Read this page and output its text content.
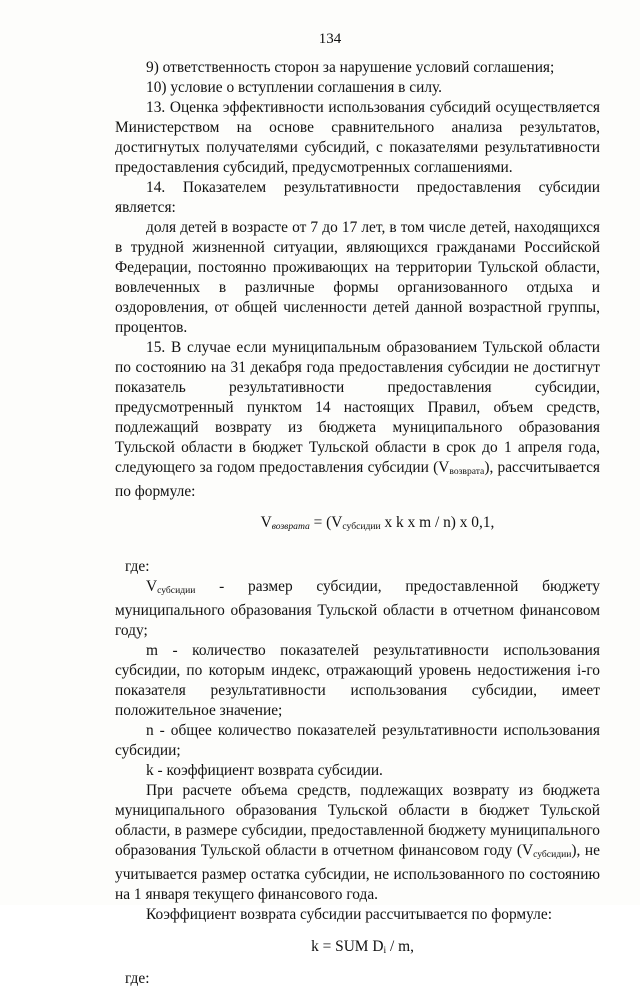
134

9) ответственность сторон за нарушение условий соглашения;

10) условие о вступлении соглашения в силу.

13. Оценка эффективности использования субсидий осуществляется Министерством на основе сравнительного анализа результатов, достигнутых получателями субсидий, с показателями результативности предоставления субсидий, предусмотренных соглашениями.

14. Показателем результативности предоставления субсидии является:

доля детей в возрасте от 7 до 17 лет, в том числе детей, находящихся в трудной жизненной ситуации, являющихся гражданами Российской Федерации, постоянно проживающих на территории Тульской области, вовлеченных в различные формы организованного отдыха и оздоровления, от общей численности детей данной возрастной группы, процентов.

15. В случае если муниципальным образованием Тульской области по состоянию на 31 декабря года предоставления субсидии не достигнут показатель результативности предоставления субсидии, предусмотренный пунктом 14 настоящих Правил, объем средств, подлежащий возврату из бюджета муниципального образования Тульской области в бюджет Тульской области в срок до 1 апреля года, следующего за годом предоставления субсидии $(V_{возврата})$, рассчитывается по формуле:

Vвозврата = ($V_{субсидии}$ x k x m / n) x 0,1,

где:

$V_{субсидии}$ - размер субсидии, предоставленной бюджету муниципального образования Тульской области в отчетном финансовом году;

m - количество показателей результативности использования субсидии, по которым индекс, отражающий уровень недостижения i-го показателя результативности использования субсидии, имеет положительное значение;

n - общее количество показателей результативности использования субсидии;

k - коэффициент возврата субсидии.

При расчете объема средств, подлежащих возврату из бюджета муниципального образования Тульской области в бюджет Тульской области, в размере субсидии, предоставленной бюджету муниципального образования Тульской области в отчетном финансовом году $(V_{субсидии})$, не учитывается размер остатка субсидии, не использованного по состоянию на 1 января текущего финансового года.

Коэффициент возврата субсидии рассчитывается по формуле:

k = SUM $D_i$ / m,

где:
